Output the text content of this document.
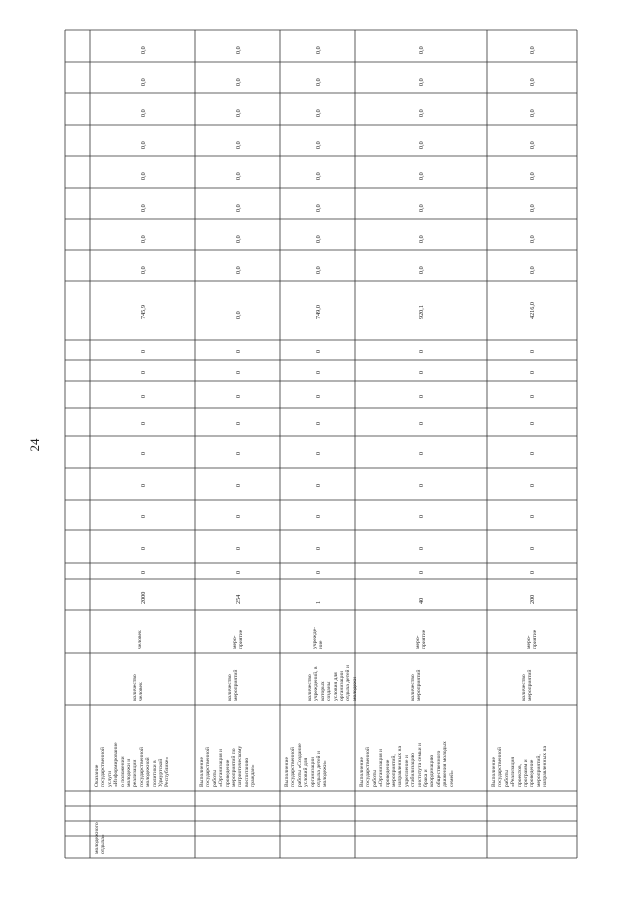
24
молодежного
отдыха»
Оказание
государственной
услуги
«Информирование
о положении
молодежи и
реализации
государственной
молодежной
политики в
Удмуртской
Республике»
количество
человек
человек
2000
0
0
0
0
0
0
0
0
0
745,9
0,0
0,0
0,0
0,0
0,0
0,0
0,0
0,0
Выполнение
государственной
работы
«Организация и
проведение
мероприятий по
патриотическому
воспитанию
граждан»
количество
мероприятий
меро-
приятие
254
0
0
0
0
0
0
0
0
0
0,0
0,0
0,0
0,0
0,0
0,0
0,0
0,0
0,0
Выполнение
государственной
работы «Создание
условий для
организации
отдыха детей и
молодежи»
количество
учреждений, в
которых
созданы
условия для
организации
отдыха детей и
молодежи
учрежде-
ние
1
0
0
0
0
0
0
0
0
0
749,0
0,0
0,0
0,0
0,0
0,0
0,0
0,0
0,0
Выполнение
государственной
работы
«Организация и
проведение
мероприятий,
направленных на
укрепление и
стабилизацию
института семьи и
брака и
координацию
общественного
движения молодых
семей»
количество
мероприятий
меро-
приятие
40
0
0
0
0
0
0
0
0
0
920,1
0,0
0,0
0,0
0,0
0,0
0,0
0,0
0,0
Выполнение
государственной
работы
«Реализация
проектов,
программ и
проведение
мероприятий,
направленных на
количество
мероприятий
меро-
приятие
200
0
0
0
0
0
0
0
0
0
4216,0
0,0
0,0
0,0
0,0
0,0
0,0
0,0
0,0
